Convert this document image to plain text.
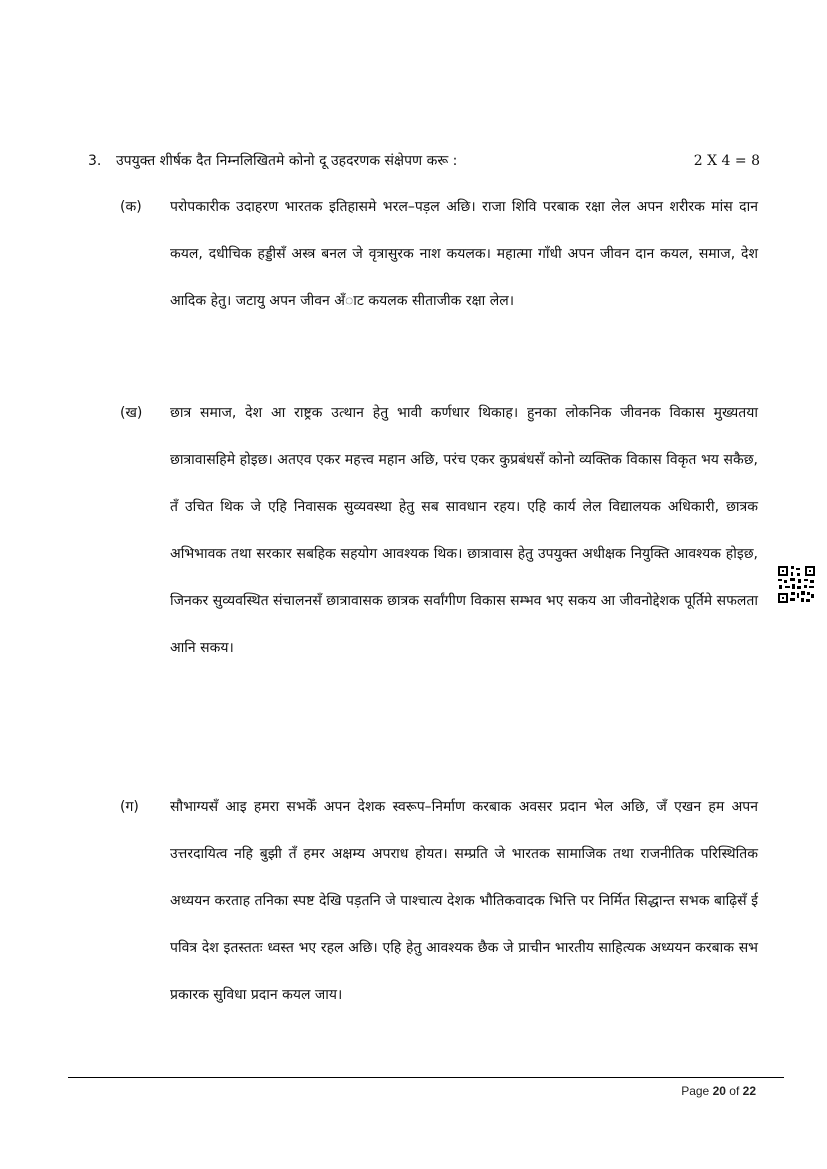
3. उपयुक्त शीर्षक दैत निम्नलिखितमे कोनो दू उहदरणक संक्षेपण करू :	2 X 4 = 8
(क) परोपकारीक उदाहरण भारतक इतिहासमे भरल–पड़ल अछि। राजा शिवि परबाक रक्षा लेल अपन शरीरक मांस दान कयल, दधीचिक हड्डीसँ अस्त्र बनल जे वृत्रासुरक नाश कयलक। महात्मा गाँधी अपन जीवन दान कयल, समाज, देश आदिक हेतु। जटायु अपन जीवन अँाट कयलक सीताजीक रक्षा लेल।
(ख) छात्र समाज, देश आ राष्ट्रक उत्थान हेतु भावी कर्णधार थिकाह। हुनका लोकनिक जीवनक विकास मुख्यतया छात्रावासहिमे होइछ। अतएव एकर महत्त्व महान अछि, परंच एकर कुप्रबंधसँ कोनो व्यक्तिक विकास विकृत भय सकैछ, तँ उचित थिक जे एहि निवासक सुव्यवस्था हेतु सब सावधान रहय। एहि कार्य लेल विद्यालयक अधिकारी, छात्रक अभिभावक तथा सरकार सबहिक सहयोग आवश्यक थिक। छात्रावास हेतु उपयुक्त अधीक्षक नियुक्ति आवश्यक होइछ, जिनकर सुव्यवस्थित संचालनसँ छात्रावासक छात्रक सर्वांगीण विकास सम्भव भए सकय आ जीवनोद्देशक पूर्तिमे सफलता आनि सकय।
(ग) सौभाग्यसँ आइ हमरा सभकेँ अपन देशक स्वरूप–निर्माण करबाक अवसर प्रदान भेल अछि, जँ एखन हम अपन उत्तरदायित्व नहि बुझी तँ हमर अक्षम्य अपराध होयत। सम्प्रति जे भारतक सामाजिक तथा राजनीतिक परिस्थितिक अध्ययन करताह तनिका स्पष्ट देखि पड़तनि जे पाश्चात्य देशक भौतिकवादक भित्ति पर निर्मित सिद्धान्त सभक बाढ़िसँ ई पवित्र देश इतस्ततः ध्वस्त भए रहल अछि। एहि हेतु आवश्यक छैक जे प्राचीन भारतीय साहित्यक अध्ययन करबाक सभ प्रकारक सुविधा प्रदान कयल जाय।
Page 20 of 22
